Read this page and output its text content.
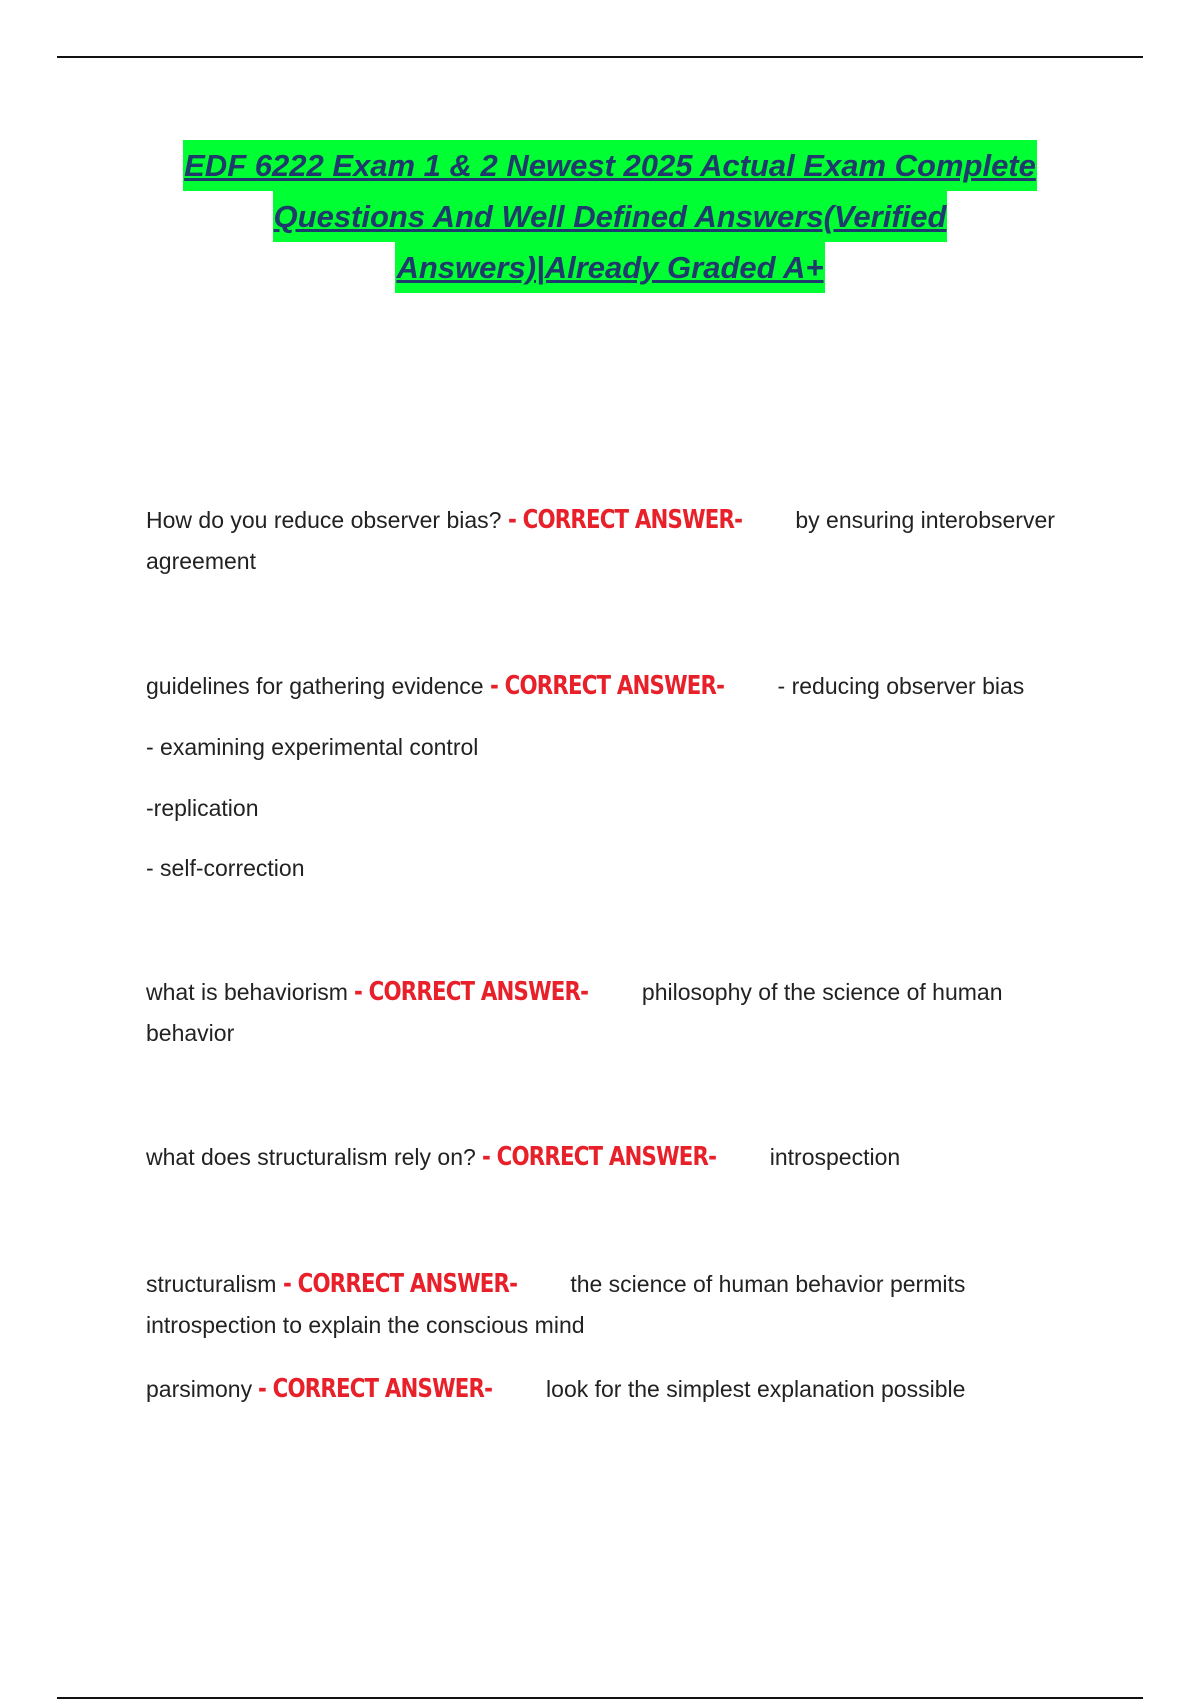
EDF 6222 Exam 1 & 2 Newest 2025 Actual Exam Complete
Questions And Well Defined Answers(Verified
Answers)|Already Graded A+
How do you reduce observer bias? - CORRECT ANSWER- by ensuring interobserver agreement
guidelines for gathering evidence - CORRECT ANSWER- - reducing observer bias
- examining experimental control
-replication
- self-correction
what is behaviorism - CORRECT ANSWER- philosophy of the science of human behavior
what does structuralism rely on? - CORRECT ANSWER- introspection
structuralism - CORRECT ANSWER- the science of human behavior permits introspection to explain the conscious mind
parsimony - CORRECT ANSWER- look for the simplest explanation possible
